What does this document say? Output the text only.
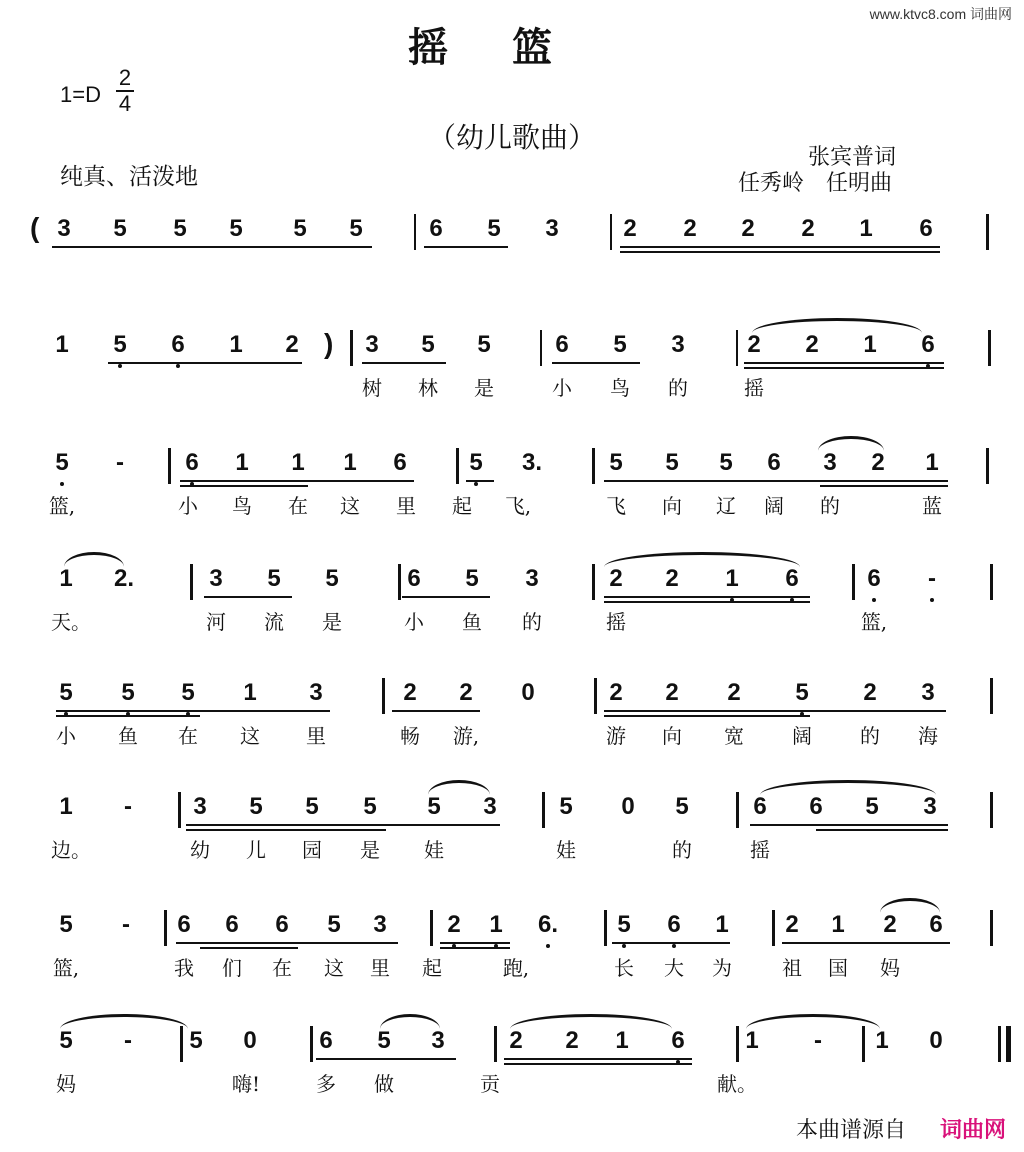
www.ktvc8.com 词曲网
摇篮
1=D
2
4
（幼儿歌曲）
纯真、活泼地
张宾普词
任秀岭　任明曲
( 3	5	5	5	5	5	6	5	3	2	2	2	2	1	6
1	5	6	1	2 )	3	5	5	6	5	3	2	2	1	6
树 林 是	小 鸟 的	摇
5	-	6	1	1	1	6	5	3.	5	5	5	6	3	2	1
篮,	小 鸟 在 这 里 起 飞,	飞 向 辽 阔 的	蓝
1	2.	3	5	5	6	5	3	2	2	1	6	6	-
天。	河 流 是	小 鱼 的	摇	篮,
5	5	5	1	3	2	2	0	2	2	2	5	2	3
小 鱼 在 这 里	畅 游,	游 向 宽 阔 的 海
1	-	3	5	5	5	5	3	5	0	5	6	6	5	3
边。	幼 儿 园 是 娃	娃	的	摇
5	-	6	6	6	5	3	2	1	6.	5	6	1	2	1	2	6
篮,	我 们 在 这 里 起	跑,	长 大 为	祖 国 妈
5	-	5	0	6	5	3	2	2	1	6	1	-	1	0
妈	嗨!	多 做	贡	献。
本曲谱源自 词曲网
